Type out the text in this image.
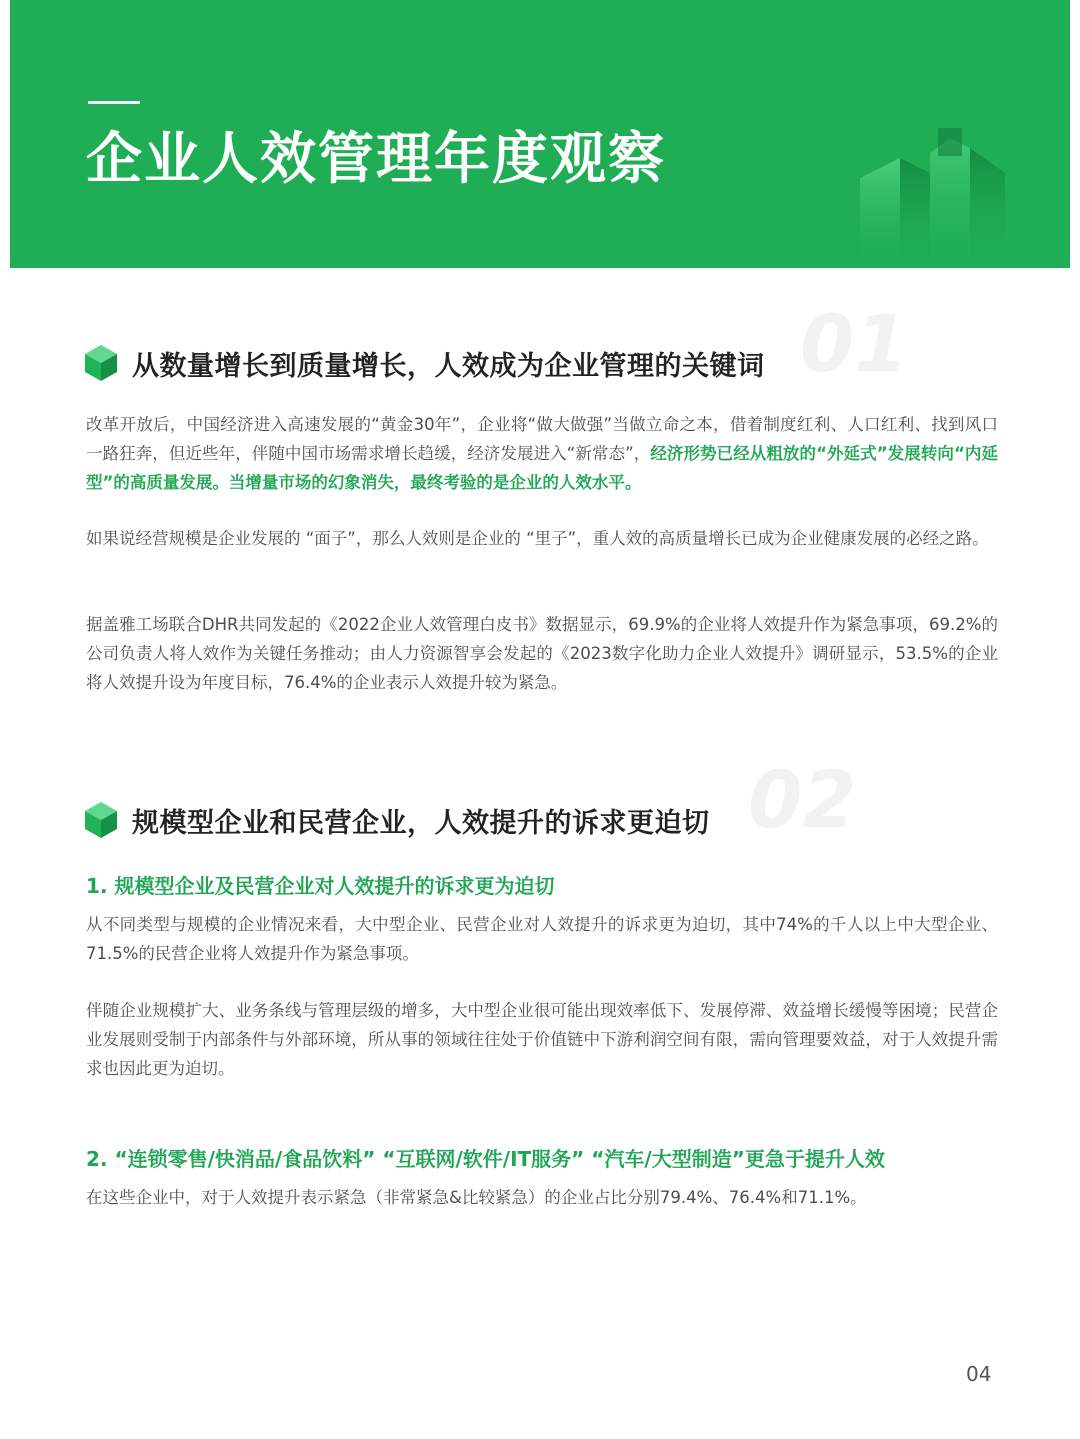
企业人效管理年度观察
01
从数量增长到质量增长，人效成为企业管理的关键词

改革开放后，中国经济进入高速发展的“黄金30年”，企业将“做大做强”当做立命之本，借着制度红利、人口红利、找到风口一路狂奔，但近些年，伴随中国市场需求增长趋缓，经济发展进入“新常态”，经济形势已经从粗放的“外延式”发展转向“内延型”的高质量发展。当增量市场的幻象消失，最终考验的是企业的人效水平。

如果说经营规模是企业发展的 “面子”，那么人效则是企业的 “里子”，重人效的高质量增长已成为企业健康发展的必经之路。

据盖雅工场联合DHR共同发起的《2022企业人效管理白皮书》数据显示，69.9%的企业将人效提升作为紧急事项，69.2%的公司负责人将人效作为关键任务推动；由人力资源智享会发起的《2023数字化助力企业人效提升》调研显示，53.5%的企业将人效提升设为年度目标，76.4%的企业表示人效提升较为紧急。

02
规模型企业和民营企业，人效提升的诉求更迫切
1. 规模型企业及民营企业对人效提升的诉求更为迫切

从不同类型与规模的企业情况来看，大中型企业、民营企业对人效提升的诉求更为迫切，其中74%的千人以上中大型企业、71.5%的民营企业将人效提升作为紧急事项。

伴随企业规模扩大、业务条线与管理层级的增多，大中型企业很可能出现效率低下、发展停滞、效益增长缓慢等困境；民营企业发展则受制于内部条件与外部环境，所从事的领域往往处于价值链中下游利润空间有限，需向管理要效益，对于人效提升需求也因此更为迫切。

2. “连锁零售/快消品/食品饮料” “互联网/软件/IT服务” “汽车/大型制造”更急于提升人效

在这些企业中，对于人效提升表示紧急（非常紧急&比较紧急）的企业占比分别79.4%、76.4%和71.1%。

04
